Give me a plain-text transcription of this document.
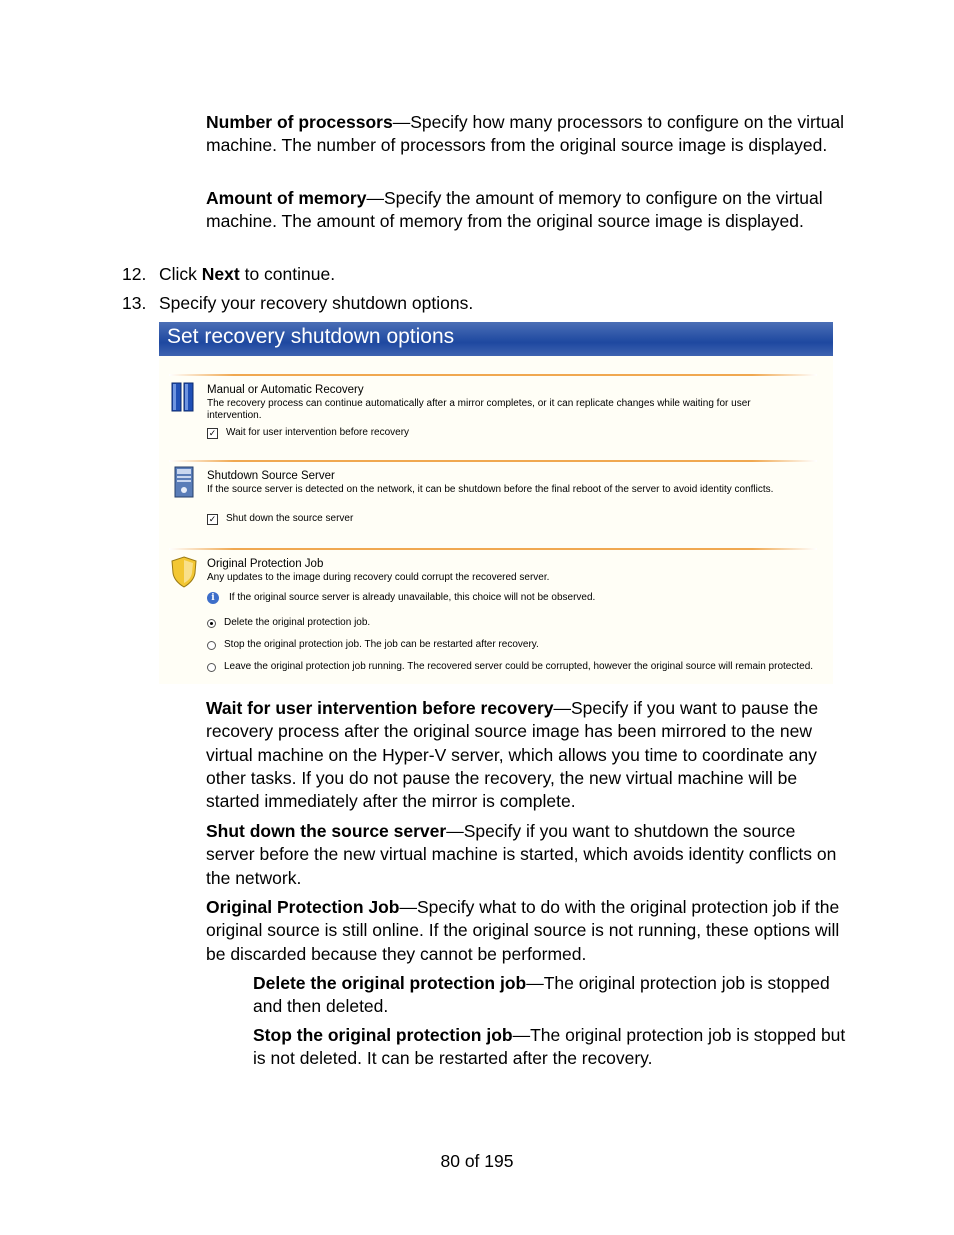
Number of processors—Specify how many processors to configure on the virtual machine. The number of processors from the original source image is displayed.

Amount of memory—Specify the amount of memory to configure on the virtual machine. The amount of memory from the original source image is displayed.

12. Click Next to continue.
13. Specify your recovery shutdown options.
Set recovery shutdown options
Manual or Automatic Recovery
The recovery process can continue automatically after a mirror completes, or it can replicate changes while waiting for user intervention.
✓ Wait for user intervention before recovery
Shutdown Source Server
If the source server is detected on the network, it can be shutdown before the final reboot of the server to avoid identity conflicts.
✓ Shut down the source server
Original Protection Job
Any updates to the image during recovery could corrupt the recovered server.
i	If the original source server is already unavailable, this choice will not be observed.
Delete the original protection job.
Stop the original protection job. The job can be restarted after recovery.
Leave the original protection job running. The recovered server could be corrupted, however the original source will remain protected.

Wait for user intervention before recovery—Specify if you want to pause the recovery process after the original source image has been mirrored to the new virtual machine on the Hyper-V server, which allows you time to coordinate any other tasks. If you do not pause the recovery, the new virtual machine will be started immediately after the mirror is complete.

Shut down the source server—Specify if you want to shutdown the source server before the new virtual machine is started, which avoids identity conflicts on the network.

Original Protection Job—Specify what to do with the original protection job if the original source is still online. If the original source is not running, these options will be discarded because they cannot be performed.

Delete the original protection job—The original protection job is stopped and then deleted.

Stop the original protection job—The original protection job is stopped but is not deleted. It can be restarted after the recovery.

80 of 195
